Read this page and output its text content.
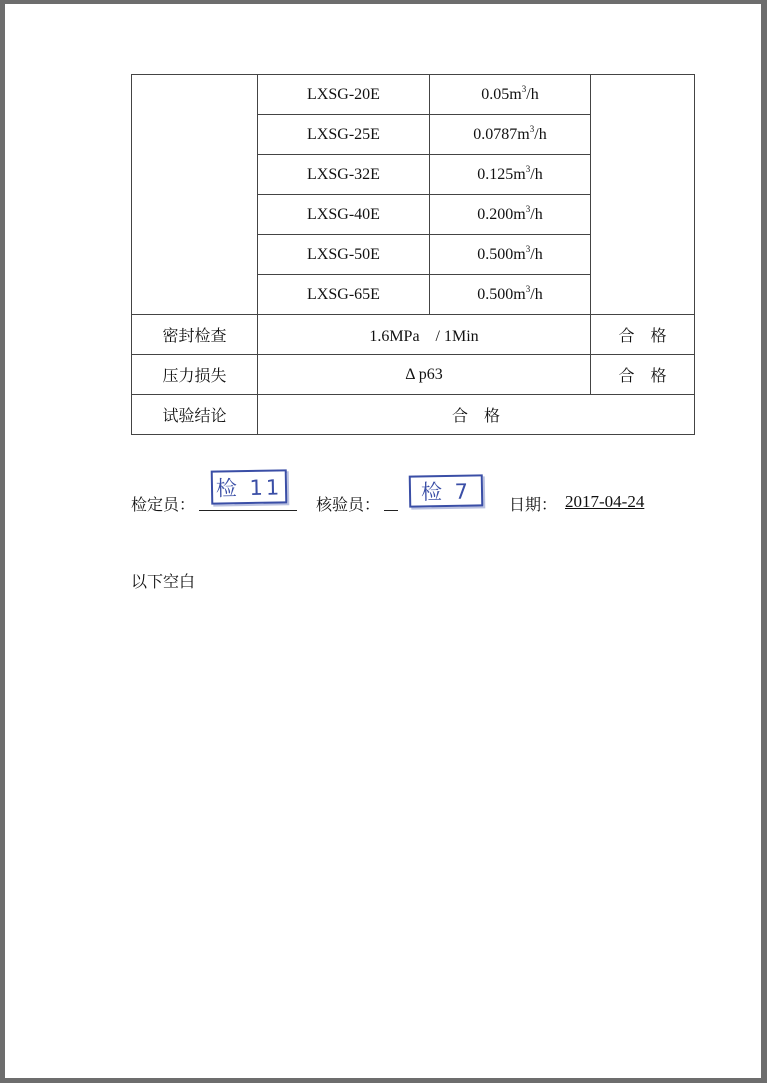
	LXSG-20E	$0.05m^3/h$	
	LXSG-25E	$0.0787m^3/h$	
	LXSG-32E	$0.125m^3/h$	
	LXSG-40E	$0.200m^3/h$	
	LXSG-50E	$0.500m^3/h$	
	LXSG-65E	$0.500m^3/h$	
密封检查	1.6MPa　/ 1Min		合　格
压力损失	Δ p63		合　格
试验结论	合　格		
检定员：
检 11
核验员：
检 7
日期： 2017-04-24
以下空白
